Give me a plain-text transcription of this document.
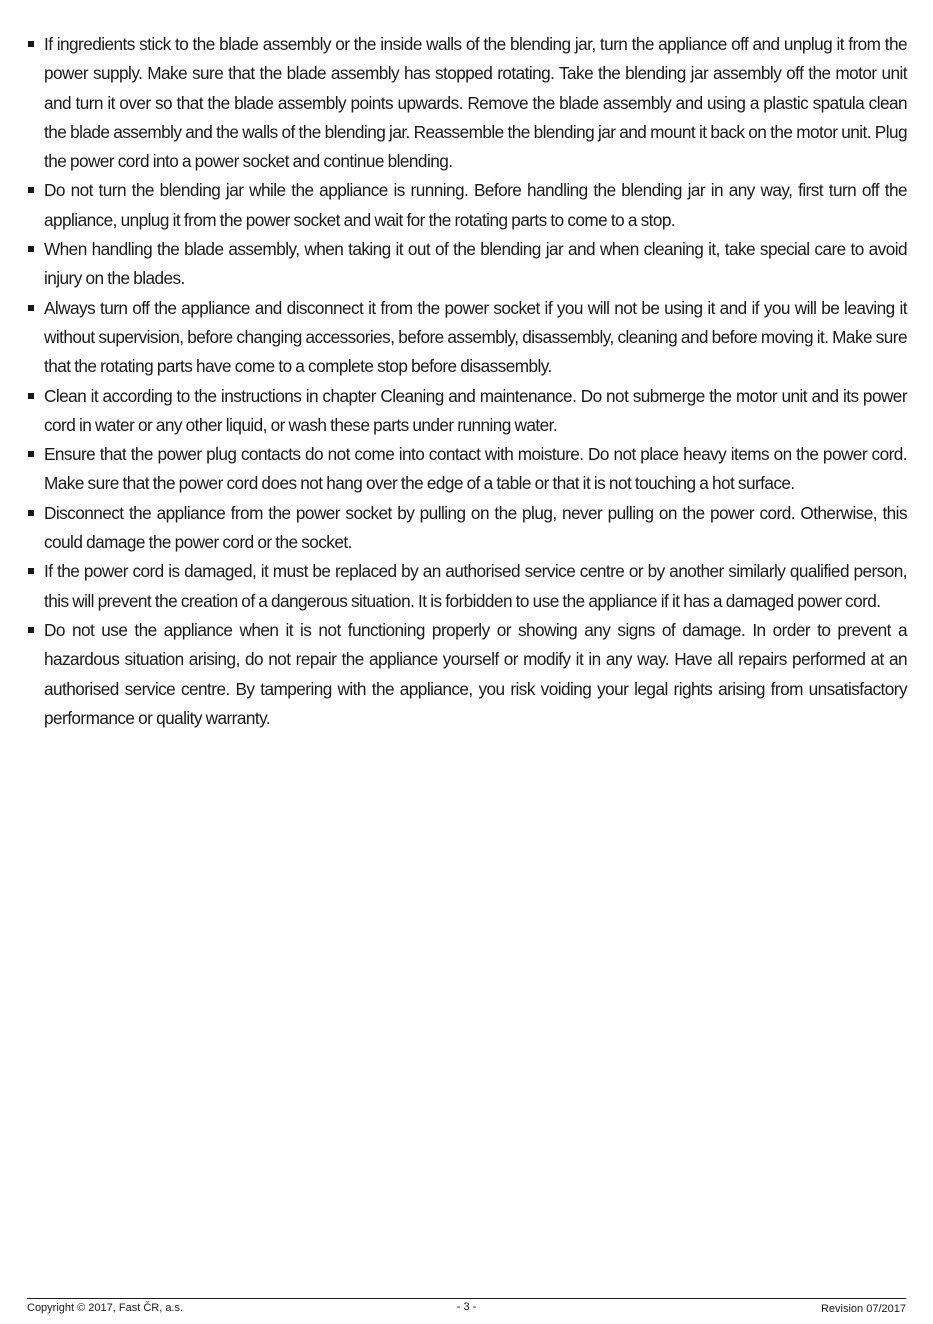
If ingredients stick to the blade assembly or the inside walls of the blending jar, turn the appliance off and unplug it from the power supply. Make sure that the blade assembly has stopped rotating. Take the blending jar assembly off the motor unit and turn it over so that the blade assembly points upwards. Remove the blade assembly and using a plastic spatula clean the blade assembly and the walls of the blending jar. Reassemble the blending jar and mount it back on the motor unit. Plug the power cord into a power socket and continue blending.
Do not turn the blending jar while the appliance is running. Before handling the blending jar in any way, first turn off the appliance, unplug it from the power socket and wait for the rotating parts to come to a stop.
When handling the blade assembly, when taking it out of the blending jar and when cleaning it, take special care to avoid injury on the blades.
Always turn off the appliance and disconnect it from the power socket if you will not be using it and if you will be leaving it without supervision, before changing accessories, before assembly, disassembly, cleaning and before moving it. Make sure that the rotating parts have come to a complete stop before disassembly.
Clean it according to the instructions in chapter Cleaning and maintenance. Do not submerge the motor unit and its power cord in water or any other liquid, or wash these parts under running water.
Ensure that the power plug contacts do not come into contact with moisture. Do not place heavy items on the power cord. Make sure that the power cord does not hang over the edge of a table or that it is not touching a hot surface.
Disconnect the appliance from the power socket by pulling on the plug, never pulling on the power cord. Otherwise, this could damage the power cord or the socket.
If the power cord is damaged, it must be replaced by an authorised service centre or by another similarly qualified person, this will prevent the creation of a dangerous situation. It is forbidden to use the appliance if it has a damaged power cord.
Do not use the appliance when it is not functioning properly or showing any signs of damage. In order to prevent a hazardous situation arising, do not repair the appliance yourself or modify it in any way. Have all repairs performed at an authorised service centre. By tampering with the appliance, you risk voiding your legal rights arising from unsatisfactory performance or quality warranty.
Copyright © 2017, Fast ČR, a.s.	- 3 -	Revision 07/2017
